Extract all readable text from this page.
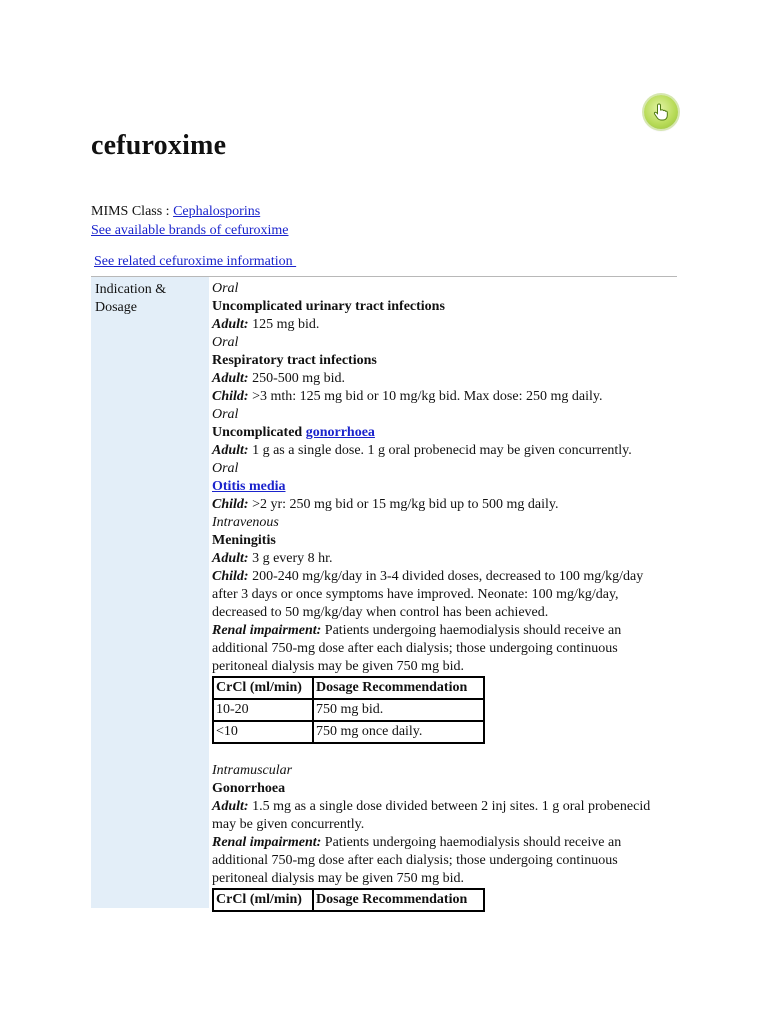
cefuroxime
MIMS Class : Cephalosporins
See available brands of cefuroxime
See related cefuroxime information
Indication & Dosage
Oral
Uncomplicated urinary tract infections
Adult: 125 mg bid.
Oral
Respiratory tract infections
Adult: 250-500 mg bid.
Child: >3 mth: 125 mg bid or 10 mg/kg bid. Max dose: 250 mg daily.
Oral
Uncomplicated gonorrhoea
Adult: 1 g as a single dose. 1 g oral probenecid may be given concurrently.
Oral
Otitis media
Child: >2 yr: 250 mg bid or 15 mg/kg bid up to 500 mg daily.
Intravenous
Meningitis
Adult: 3 g every 8 hr.
Child: 200-240 mg/kg/day in 3-4 divided doses, decreased to 100 mg/kg/day after 3 days or once symptoms have improved. Neonate: 100 mg/kg/day, decreased to 50 mg/kg/day when control has been achieved.
Renal impairment: Patients undergoing haemodialysis should receive an additional 750-mg dose after each dialysis; those undergoing continuous peritoneal dialysis may be given 750 mg bid.
CrCl (ml/min)	Dosage Recommendation
10-20	750 mg bid.
<10	750 mg once daily.
Intramuscular
Gonorrhoea
Adult: 1.5 mg as a single dose divided between 2 inj sites. 1 g oral probenecid may be given concurrently.
Renal impairment: Patients undergoing haemodialysis should receive an additional 750-mg dose after each dialysis; those undergoing continuous peritoneal dialysis may be given 750 mg bid.
CrCl (ml/min)	Dosage Recommendation
